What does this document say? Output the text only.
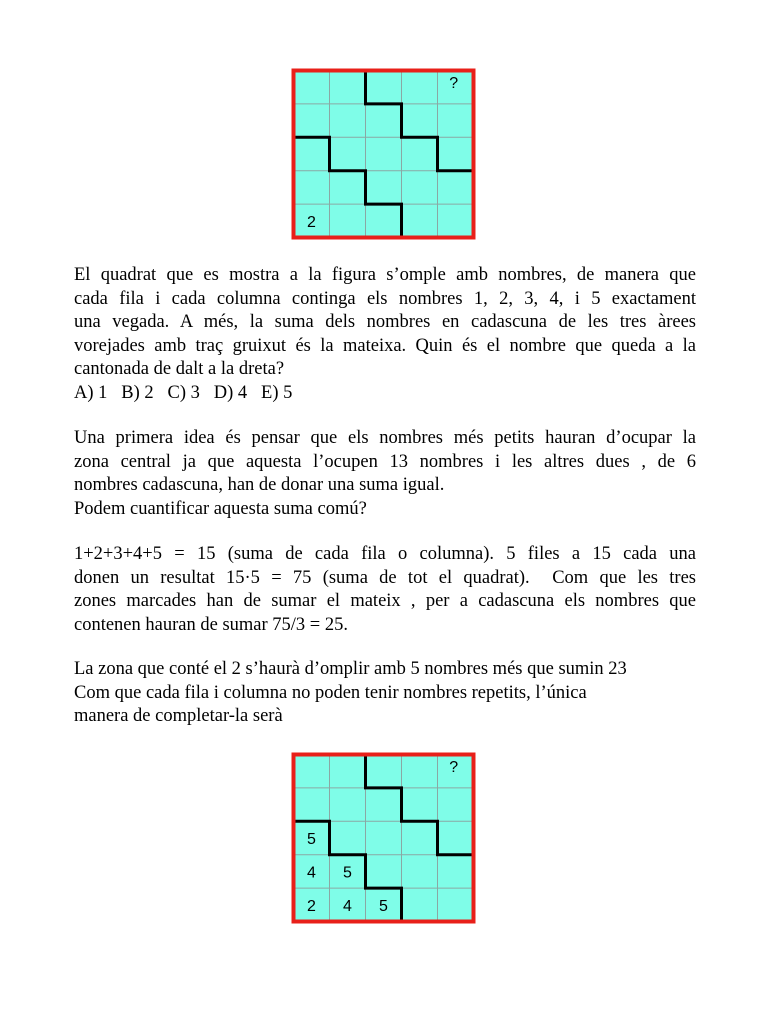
?
2

El quadrat que es mostra a la figura s’omple amb nombres, de manera que

cada fila i cada columna continga els nombres 1, 2, 3, 4, i 5 exactament

una vegada. A més, la suma dels nombres en cadascuna de les tres àrees

vorejades amb traç gruixut és la mateixa. Quin és el nombre que queda a la

cantonada de dalt a la dreta?

A) 1   B) 2   C) 3   D) 4   E) 5

Una primera idea és pensar que els nombres més petits hauran d’ocupar la

zona central ja que aquesta l’ocupen 13 nombres i les altres dues , de 6

nombres cadascuna, han de donar una suma igual.

Podem cuantificar aquesta suma comú?

1+2+3+4+5 = 15 (suma de cada fila o columna). 5 files a 15 cada una

donen un resultat 15·5 = 75 (suma de tot el quadrat).  Com que les tres

zones marcades han de sumar el mateix , per a cadascuna els nombres que

contenen hauran de sumar 75/3 = 25.

La zona que conté el 2 s’haurà d’omplir amb 5 nombres més que sumin 23

Com que cada fila i columna no poden tenir nombres repetits, l’única

manera de completar-la serà

?
5
4 5
2 4 5
